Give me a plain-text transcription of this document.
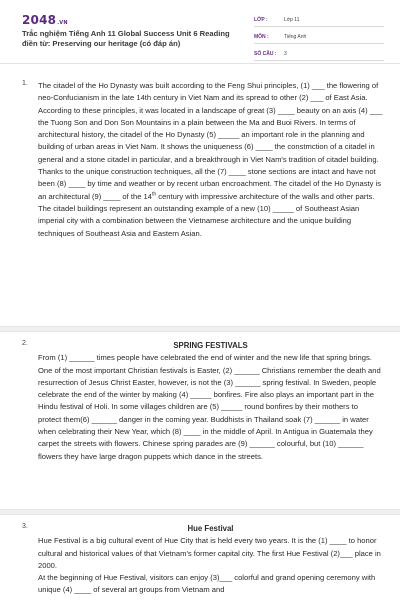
2048.VN
Trắc nghiệm Tiếng Anh 11 Global Success Unit 6 Reading điền từ: Preserving our heritage (có đáp án)
LỚP :	Lớp 11
MÔN :	Tiếng Anh
SỐ CÂU : 3
1. The citadel of the Ho Dynasty was built according to the Feng Shui principles, (1) ___ the flowering of neo-Confucianism in the late 14th century in Viet Nam and its spread to other (2) ___ of East Asia. According to these principles, it was located in a landscape of great (3) ____ beauty on an axis (4) ___ the Tuong Son and Don Son Mountains in a plain between the Ma and Buoi Rivers. In terms of architectural history, the citadel of the Ho Dynasty (5) _____ an important role in the planning and building of urban areas in Viet Nam. It shows the uniqueness (6) ____ the constmction of a citadel in general and a stone citadel in particular, and a breakthrough in Viet Nam's tradition of citadel building.

Thanks to the unique construction techniques, all the (7) ____ stone sections are intact and have not been (8) ____ by time and weather or by recent urban encroachment. The citadel of the Ho Dynasty is an architectural (9) ____ of the 14th century with impressive architecture of the walls and other parts. The citadel buildings represent an outstanding example of a new (10) _____ of Southeast Asian imperial city with a combination between the Vietnamese architecture and the unique building techniques of Southeast Asia and Eastern Asian.

2.	SPRING FESTIVALS

From (1) ______ times people have celebrated the end of winter and the new life that spring brings. One of the most important Christian festivals is Easter, (2) ______ Christians remember the death and resurrection of Jesus Christ Easter, however, is not the (3) ______ spring festival. In Sweden, people celebrate the end of the winter by making (4) _____ bonfires. Fire also plays an important part in the Hindu festival of Holi. In some villages children are (5) _____ round bonfires by their mothers to protect them(6) ______ danger in the coming year. Buddhists in Thailand soak (7) ______ in water when celebrating their New Year, which (8) ____ in the middle of April. In Antigua in Guatemala they carpet the streets with flowers. Chinese spring parades are (9) ______ colourful, but (10) ______ flowers they have large dragon puppets which dance in the streets.

3.	Hue Festival

Hue Festival is a big cultural event of Hue City that is held every two years. It is the (1) ____ to honor cultural and historical values of that Vietnam's former capital city. The first Hue Festival (2)___ place in 2000.

At the beginning of Hue Festival, visitors can enjoy (3)___ colorful and grand opening ceremony with unique (4) ____ of several art groups from Vietnam and
